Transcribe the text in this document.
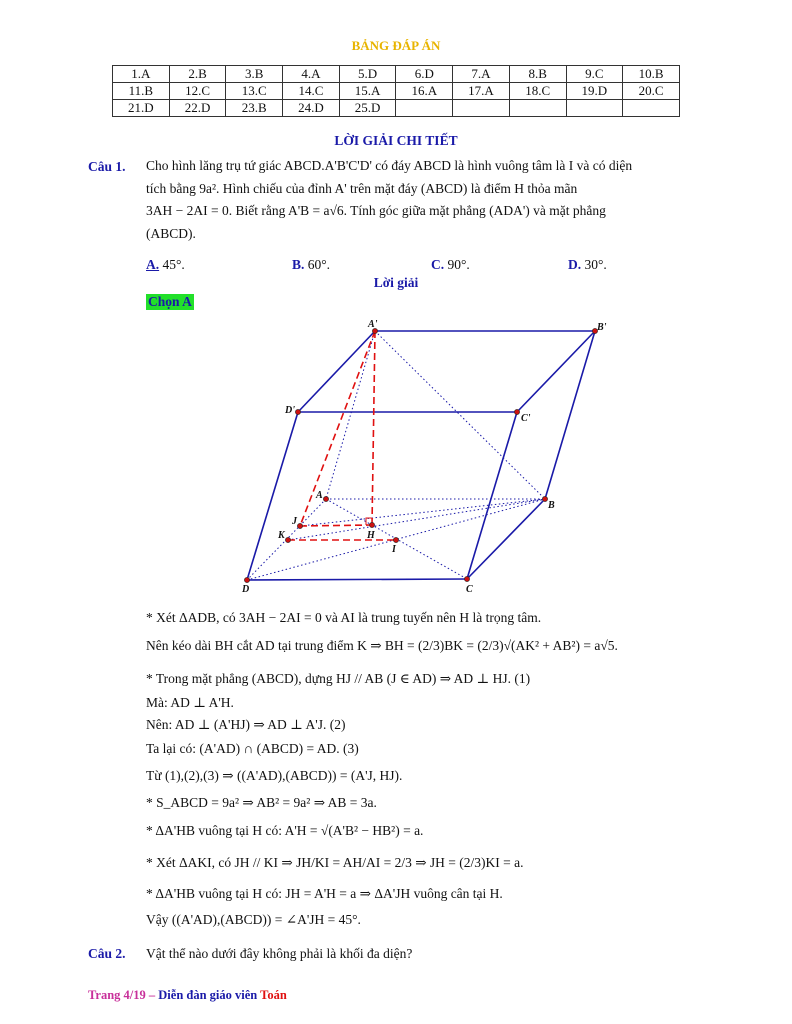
BẢNG ĐÁP ÁN
1.A	2.B	3.B	4.A	5.D	6.D	7.A	8.B	9.C	10.B
11.B	12.C	13.C	14.C	15.A	16.A	17.A	18.C	19.D	20.C
21.D	22.D	23.B	24.D	25.D					
LỜI GIẢI CHI TIẾT
Câu 1. Cho hình lăng trụ tứ giác ABCD.A'B'C'D' có đáy ABCD là hình vuông tâm là I và có diện
tích bằng 9a². Hình chiếu của đỉnh A' trên mặt đáy (ABCD) là điểm H thỏa mãn
3AH − 2AI = 0. Biết rằng A'B = a√6. Tính góc giữa mặt phẳng (ADA') và mặt phẳng
(ABCD).
A. 45°.	B. 60°.	C. 90°.	D. 30°.
Lời giải
Chọn A
A'	B'
D'
C'
A
B
C
D
H
I
J
K
* Xét ΔADB, có 3AH − 2AI = 0 và AI là trung tuyến nên H là trọng tâm.
Nên kéo dài BH cắt AD tại trung điểm K ⇒ BH = (2/3)BK = (2/3)√(AK² + AB²) = a√5.
* Trong mặt phẳng (ABCD), dựng HJ // AB (J ∈ AD) ⇒ AD ⊥ HJ. (1)
Mà: AD ⊥ A'H.
Nên: AD ⊥ (A'HJ) ⇒ AD ⊥ A'J. (2)
Ta lại có: (A'AD) ∩ (ABCD) = AD. (3)
Từ (1),(2),(3) ⇒ ((A'AD),(ABCD)) = (A'J, HJ).
* S_ABCD = 9a² ⇒ AB² = 9a² ⇒ AB = 3a.
* ΔA'HB vuông tại H có: A'H = √(A'B² − HB²) = a.
* Xét ΔAKI, có JH // KI ⇒ JH/KI = AH/AI = 2/3 ⇒ JH = (2/3)KI = a.
* ΔA'HB vuông tại H có: JH = A'H = a ⇒ ΔA'JH vuông cân tại H.
Vậy ((A'AD),(ABCD)) = ∠A'JH = 45°.
Câu 2. Vật thể nào dưới đây không phải là khối đa diện?
Trang 4/19 – Diễn đàn giáo viên Toán
